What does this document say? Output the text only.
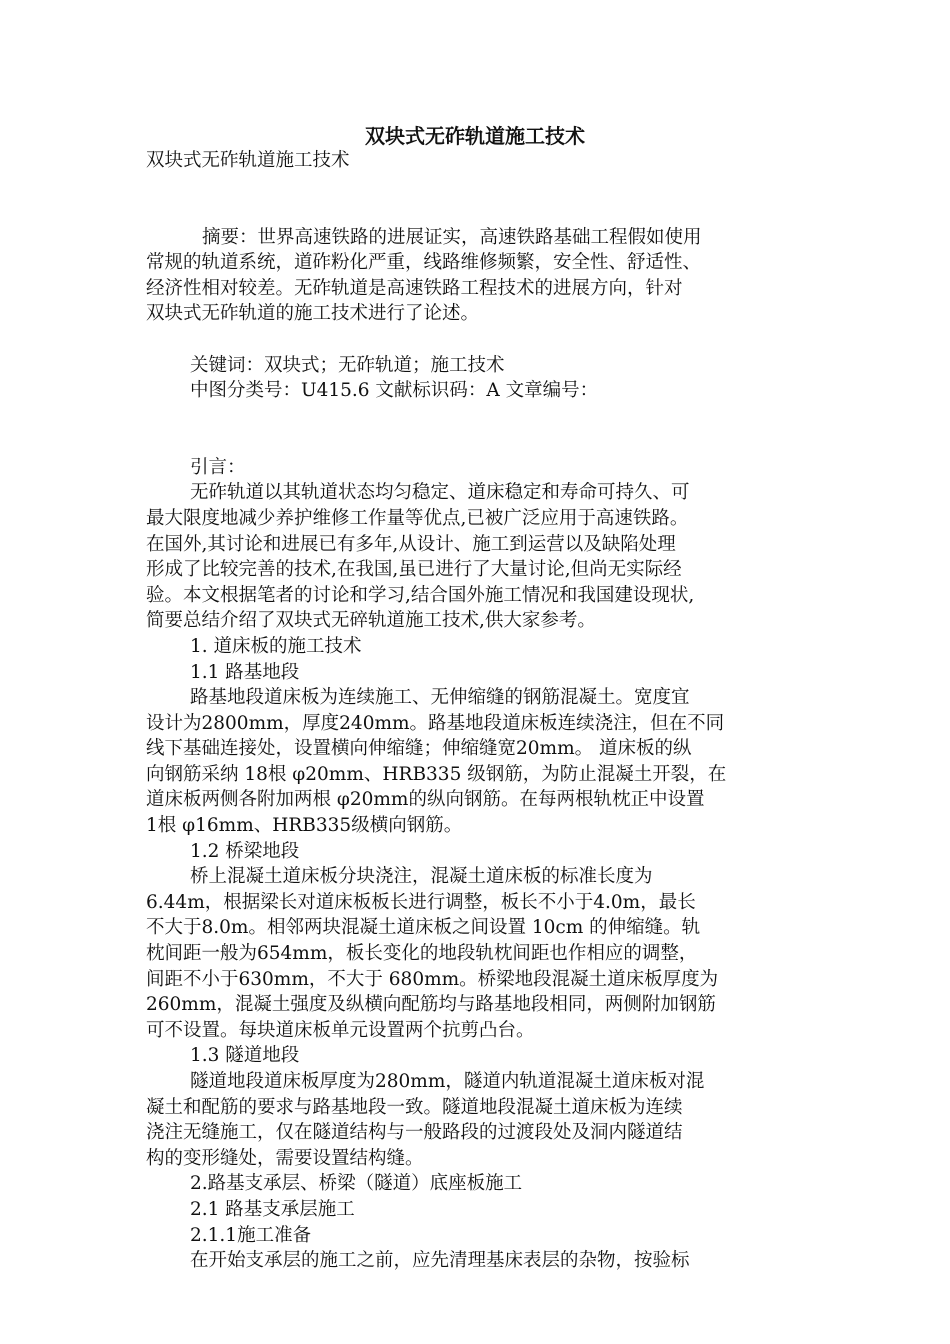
双块式无砟轨道施工技术

双块式无砟轨道施工技术

摘要：世界高速铁路的进展证实，高速铁路基础工程假如使用
常规的轨道系统，道砟粉化严重，线路维修频繁，安全性、舒适性、
经济性相对较差。无砟轨道是高速铁路工程技术的进展方向，针对
双块式无砟轨道的施工技术进行了论述。

关键词：双块式；无砟轨道；施工技术

中图分类号：U415.6 文献标识码：A 文章编号：

引言：

无砟轨道以其轨道状态均匀稳定、道床稳定和寿命可持久、可
最大限度地减少养护维修工作量等优点,已被广泛应用于高速铁路。
在国外,其讨论和进展已有多年,从设计、施工到运营以及缺陷处理
形成了比较完善的技术,在我国,虽已进行了大量讨论,但尚无实际经
验。本文根据笔者的讨论和学习,结合国外施工情况和我国建设现状,
简要总结介绍了双块式无碎轨道施工技术,供大家参考。

1. 道床板的施工技术

1.1 路基地段

路基地段道床板为连续施工、无伸缩缝的钢筋混凝土。宽度宜
设计为2800mm，厚度240mm。路基地段道床板连续浇注，但在不同
线下基础连接处，设置横向伸缩缝；伸缩缝宽20mm。 道床板的纵
向钢筋采纳 18根 φ20mm、HRB335 级钢筋，为防止混凝土开裂，在
道床板两侧各附加两根 φ20mm的纵向钢筋。在每两根轨枕正中设置
1根 φ16mm、HRB335级横向钢筋。

1.2 桥梁地段

桥上混凝土道床板分块浇注，混凝土道床板的标准长度为
6.44m，根据梁长对道床板板长进行调整，板长不小于4.0m，最长
不大于8.0m。相邻两块混凝土道床板之间设置 10cm 的伸缩缝。轨
枕间距一般为654mm，板长变化的地段轨枕间距也作相应的调整，
间距不小于630mm，不大于 680mm。桥梁地段混凝土道床板厚度为
260mm，混凝土强度及纵横向配筋均与路基地段相同，两侧附加钢筋
可不设置。每块道床板单元设置两个抗剪凸台。

1.3 隧道地段

隧道地段道床板厚度为280mm，隧道内轨道混凝土道床板对混
凝土和配筋的要求与路基地段一致。隧道地段混凝土道床板为连续
浇注无缝施工，仅在隧道结构与一般路段的过渡段处及洞内隧道结
构的变形缝处，需要设置结构缝。

2.路基支承层、桥梁（隧道）底座板施工

2.1 路基支承层施工

2.1.1施工准备

在开始支承层的施工之前，应先清理基床表层的杂物，按验标
